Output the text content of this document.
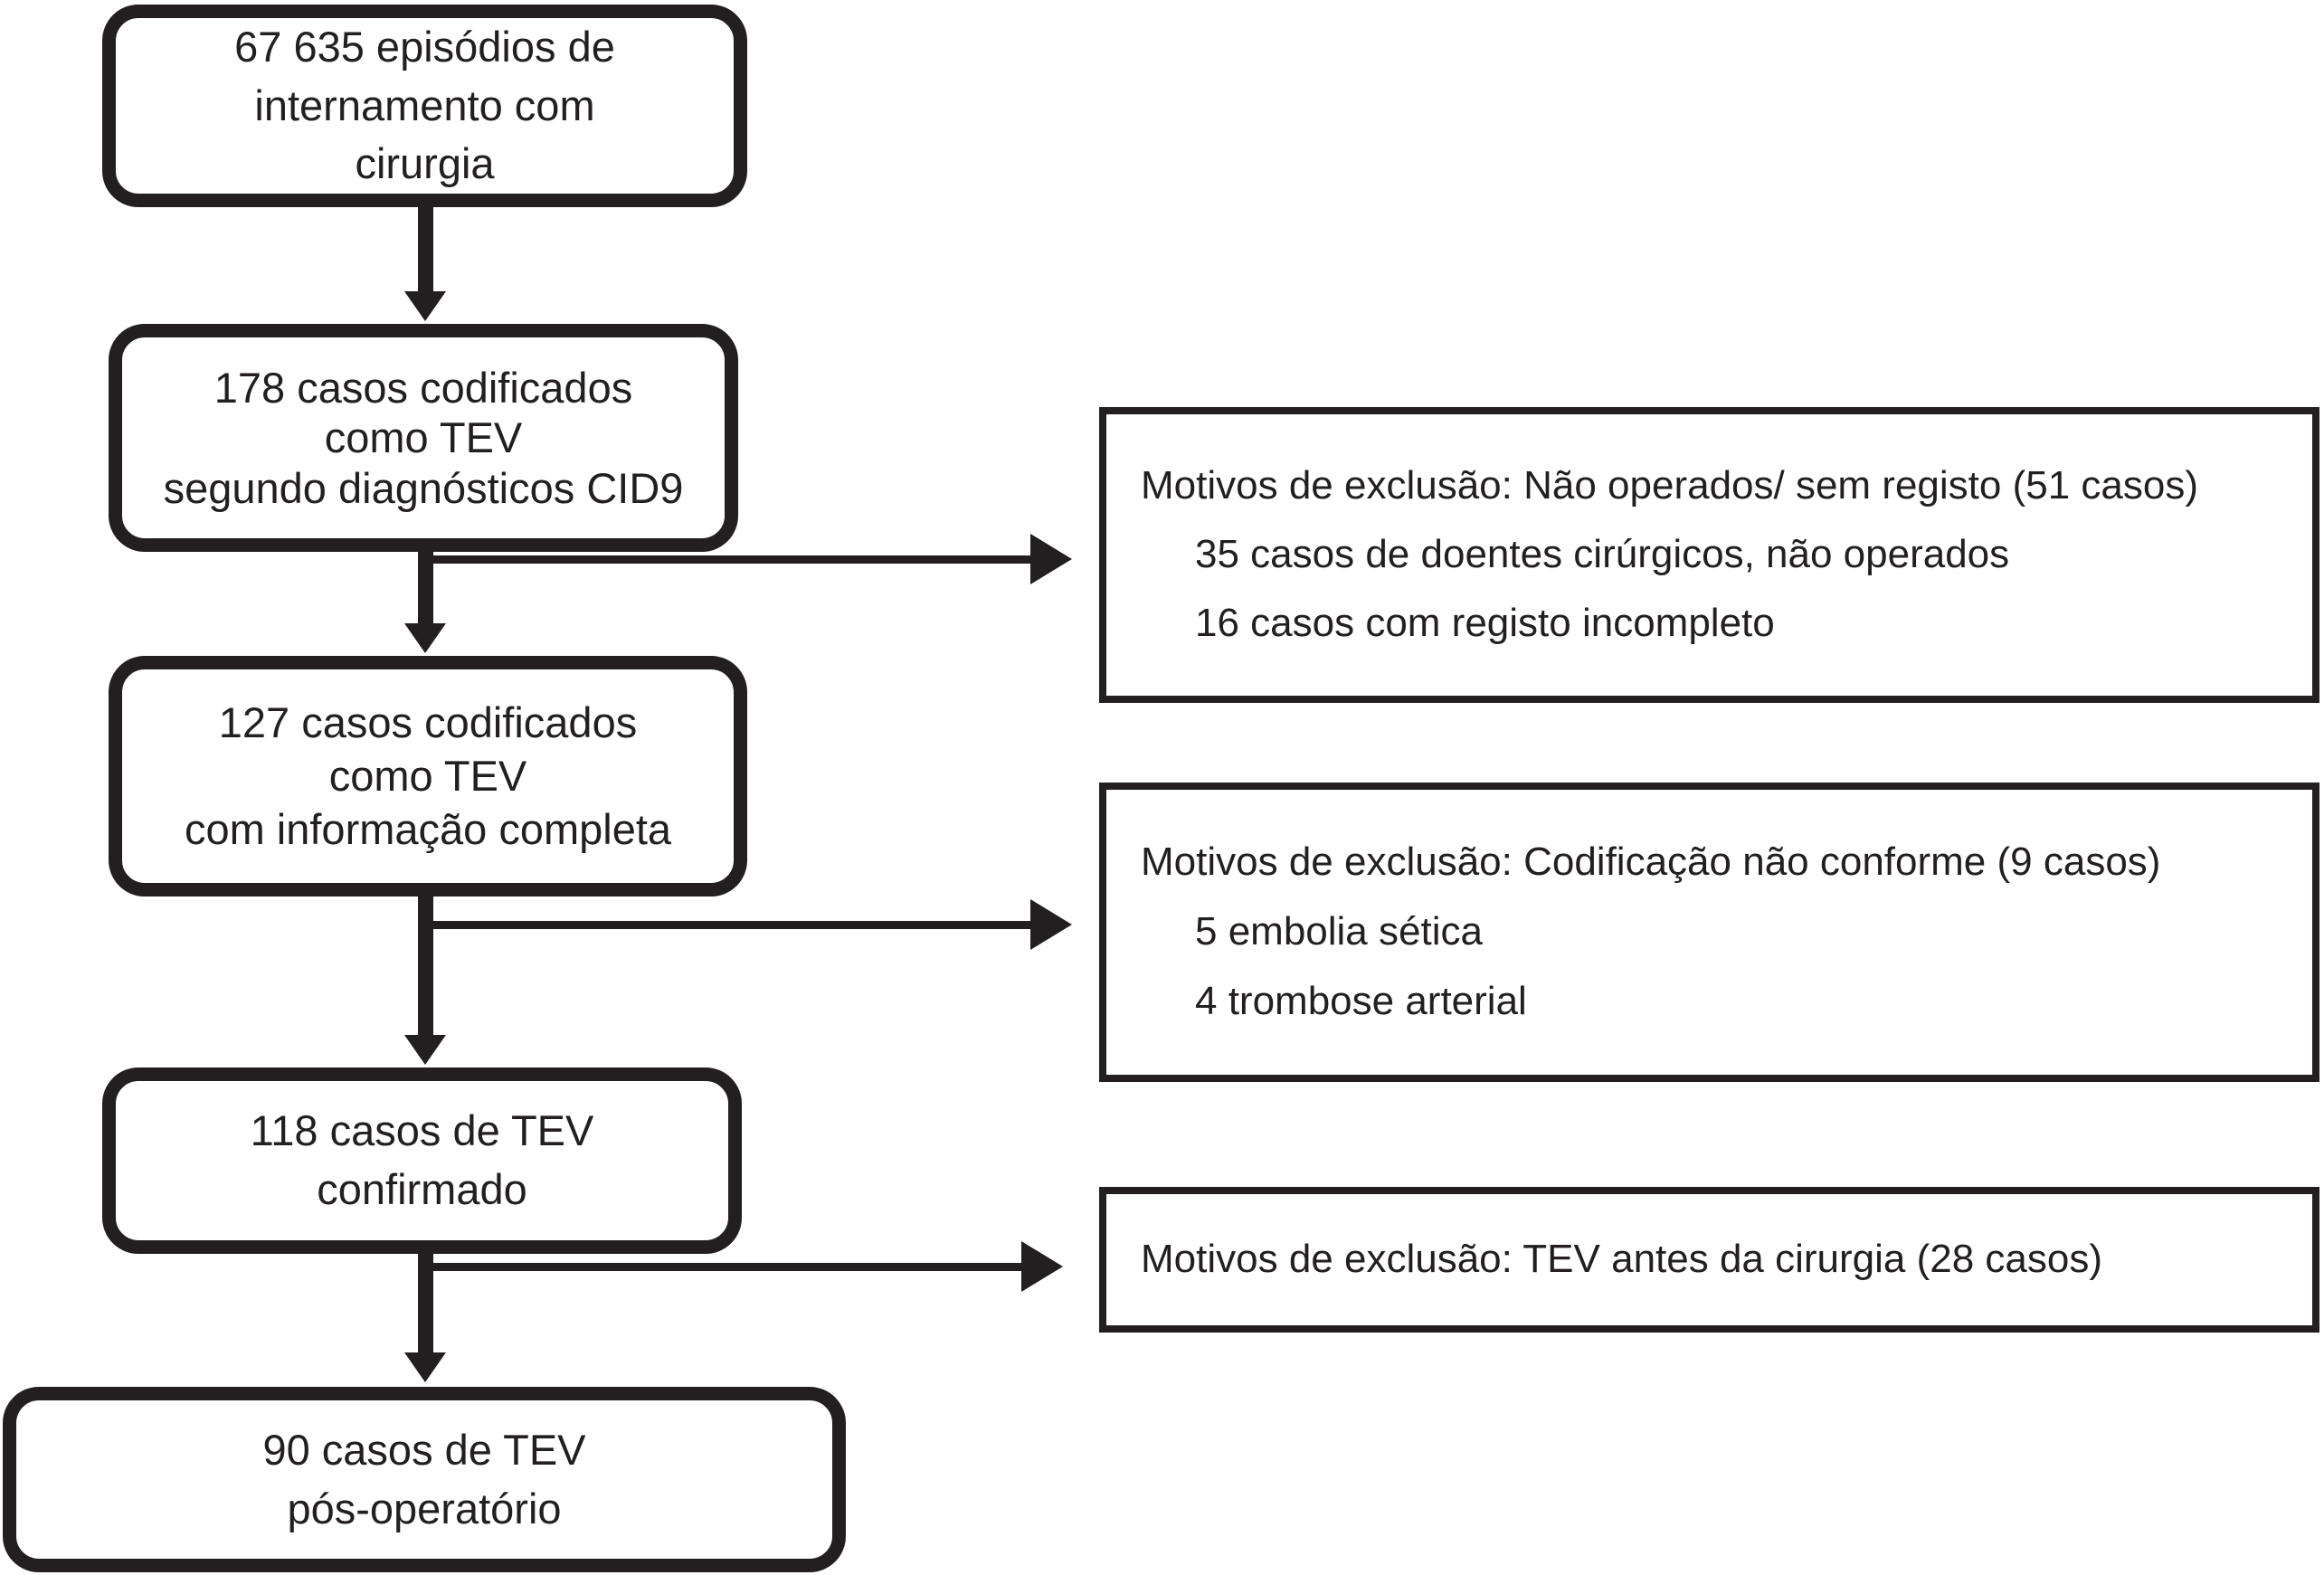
67 635 episódios de
internamento com
cirurgia
178 casos codificados
como TEV
segundo diagnósticos CID9	Motivos de exclusão: Não operados/ sem registo (51 casos)
35 casos de doentes cirúrgicos, não operados
16 casos com registo incompleto
127 casos codificados
como TEV
com informação completa
Motivos de exclusão: Codificação não conforme (9 casos)
5 embolia sética
4 trombose arterial
118 casos de TEV
confirmado
Motivos de exclusão: TEV antes da cirurgia (28 casos)
90 casos de TEV
pós-operatório
